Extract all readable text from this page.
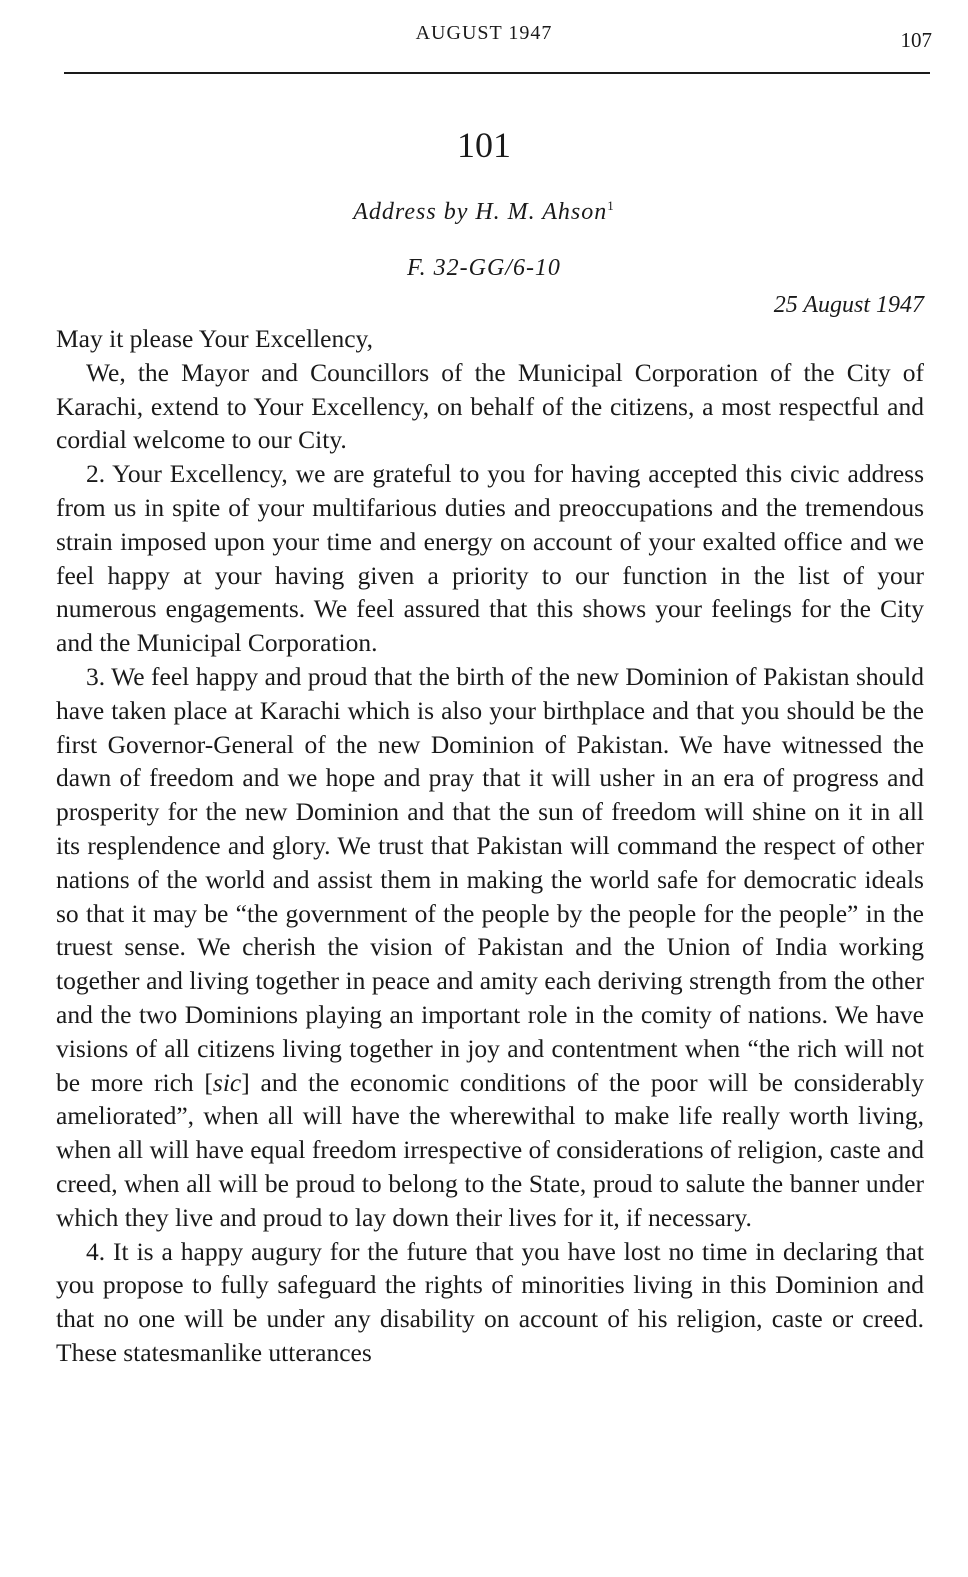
AUGUST 1947	107
101
Address by H. M. Ahson$^1$
F. 32-GG/6-10
25 August 1947

May it please Your Excellency,

We, the Mayor and Councillors of the Municipal Corporation of the City of Karachi, extend to Your Excellency, on behalf of the citizens, a most respectful and cordial welcome to our City.

2. Your Excellency, we are grateful to you for having accepted this civic address from us in spite of your multifarious duties and preoccupations and the tremendous strain imposed upon your time and energy on account of your exalted office and we feel happy at your having given a priority to our function in the list of your numerous engagements. We feel assured that this shows your feelings for the City and the Municipal Corporation.

3. We feel happy and proud that the birth of the new Dominion of Pakistan should have taken place at Karachi which is also your birthplace and that you should be the first Governor-General of the new Dominion of Pakistan. We have witnessed the dawn of freedom and we hope and pray that it will usher in an era of progress and prosperity for the new Dominion and that the sun of freedom will shine on it in all its resplendence and glory. We trust that Pakistan will command the respect of other nations of the world and assist them in making the world safe for democratic ideals so that it may be “the government of the people by the people for the people” in the truest sense. We cherish the vision of Pakistan and the Union of India working together and living together in peace and amity each deriving strength from the other and the two Dominions playing an important role in the comity of nations. We have visions of all citizens living together in joy and contentment when “the rich will not be more rich [sic] and the economic conditions of the poor will be considerably ameliorated”, when all will have the wherewithal to make life really worth living, when all will have equal freedom irrespective of considerations of religion, caste and creed, when all will be proud to belong to the State, proud to salute the banner under which they live and proud to lay down their lives for it, if necessary.

4. It is a happy augury for the future that you have lost no time in declaring that you propose to fully safeguard the rights of minorities living in this Dominion and that no one will be under any disability on account of his religion, caste or creed. These statesmanlike utterances
